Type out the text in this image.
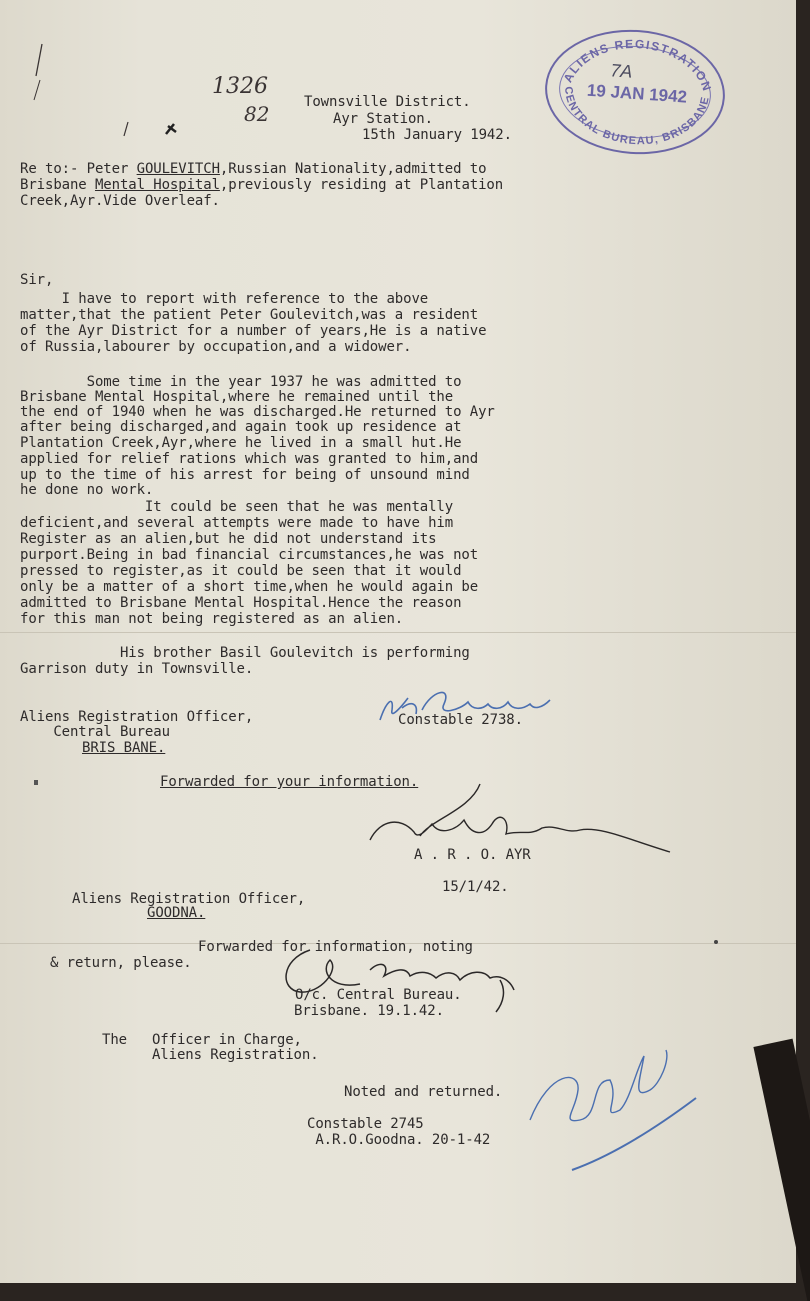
1326
82 Townsville District.

Ayr Station.

15th January 1942.

ALIENS REGISTRATION
CENTRAL BUREAU, BRISBANE
7A
19 JAN 1942

Re to:- Peter GOULEVITCH,Russian Nationality,admitted to

Brisbane Mental Hospital,previously residing at Plantation

Creek,Ayr.Vide Overleaf.

Sir,

I have to report with reference to the above

matter,that the patient Peter Goulevitch,was a resident

of the Ayr District for a number of years,He is a native

of Russia,labourer by occupation,and a widower.

Some time in the year 1937 he was admitted to

Brisbane Mental Hospital,where he remained until the

the end of 1940 when he was discharged.He returned to Ayr

after being discharged,and again took up residence at

Plantation Creek,Ayr,where he lived in a small hut.He

applied for relief rations which was granted to him,and

up to the time of his arrest for being of unsound mind

he done no work.

It could be seen that he was mentally

deficient,and several attempts were made to have him

Register as an alien,but he did not understand its

purport.Being in bad financial circumstances,he was not

pressed to register,as it could be seen that it would

only be a matter of a short time,when he would again be

admitted to Brisbane Mental Hospital.Hence the reason

for this man not being registered as an alien.

His brother Basil Goulevitch is performing

Garrison duty in Townsville.

Aliens Registration Officer,

Central Bureau

BRIS BANE.

Constable 2738.

Forwarded for your information.

A . R . O. AYR

15/1/42.

Aliens Registration Officer,

GOODNA.

Forwarded for information, noting

& return, please.

O/c. Central Bureau.

Brisbane. 19.1.42.

The   Officer in Charge,

Aliens Registration.

Noted and returned.

Constable 2745

A.R.O.Goodna. 20-1-42
